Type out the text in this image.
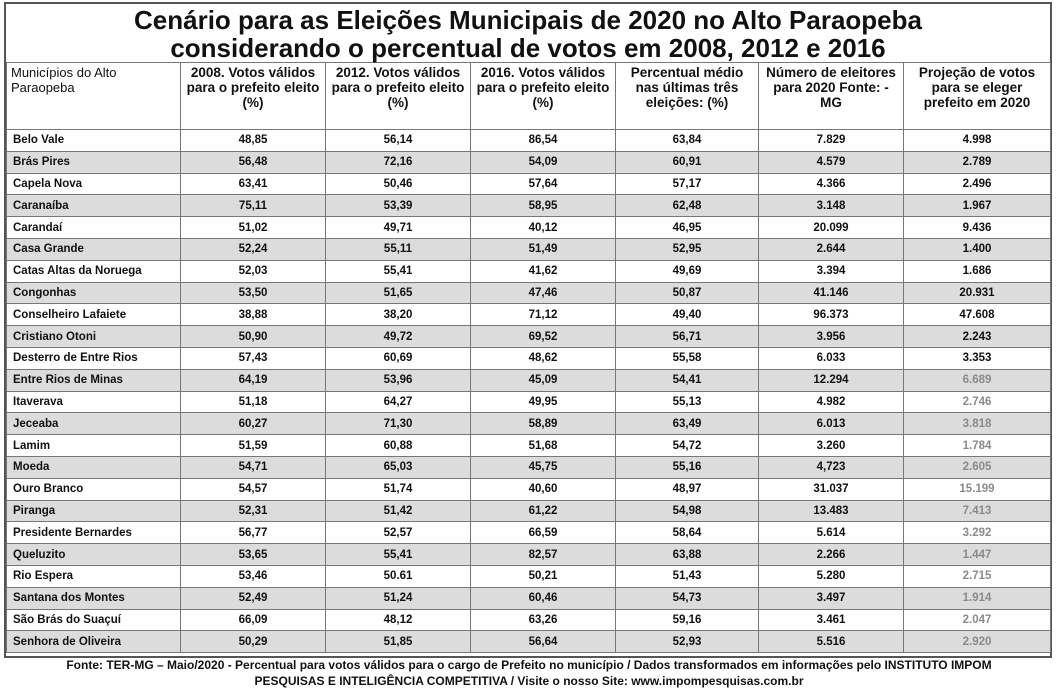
Cenário para as Eleições Municipais de 2020 no Alto Paraopeba
considerando o percentual de votos em 2008, 2012 e 2016
Municípios do Alto Paraopeba	2008. Votos válidos para o prefeito eleito (%)	2012. Votos válidos para o prefeito eleito (%)	2016. Votos válidos para o prefeito eleito (%)	Percentual médio nas últimas três eleições: (%)	Número de eleitores para 2020 Fonte: -MG	Projeção de votos para se eleger prefeito em 2020
Belo Vale	48,85	56,14	86,54	63,84	7.829	4.998
Brás Pires	56,48	72,16	54,09	60,91	4.579	2.789
Capela Nova	63,41	50,46	57,64	57,17	4.366	2.496
Caranaíba	75,11	53,39	58,95	62,48	3.148	1.967
Carandaí	51,02	49,71	40,12	46,95	20.099	9.436
Casa Grande	52,24	55,11	51,49	52,95	2.644	1.400
Catas Altas da Noruega	52,03	55,41	41,62	49,69	3.394	1.686
Congonhas	53,50	51,65	47,46	50,87	41.146	20.931
Conselheiro Lafaiete	38,88	38,20	71,12	49,40	96.373	47.608
Cristiano Otoni	50,90	49,72	69,52	56,71	3.956	2.243
Desterro de Entre Rios	57,43	60,69	48,62	55,58	6.033	3.353
Entre Rios de Minas	64,19	53,96	45,09	54,41	12.294	6.689
Itaverava	51,18	64,27	49,95	55,13	4.982	2.746
Jeceaba	60,27	71,30	58,89	63,49	6.013	3.818
Lamim	51,59	60,88	51,68	54,72	3.260	1.784
Moeda	54,71	65,03	45,75	55,16	4,723	2.605
Ouro Branco	54,57	51,74	40,60	48,97	31.037	15.199
Piranga	52,31	51,42	61,22	54,98	13.483	7.413
Presidente Bernardes	56,77	52,57	66,59	58,64	5.614	3.292
Queluzito	53,65	55,41	82,57	63,88	2.266	1.447
Rio Espera	53,46	50.61	50,21	51,43	5.280	2.715
Santana dos Montes	52,49	51,24	60,46	54,73	3.497	1.914
São Brás do Suaçuí	66,09	48,12	63,26	59,16	3.461	2.047
Senhora de Oliveira	50,29	51,85	56,64	52,93	5.516	2.920
Fonte: TER-MG – Maio/2020 - Percentual para votos válidos para o cargo de Prefeito no município / Dados transformados em informações pelo INSTITUTO IMPOM
PESQUISAS E INTELIGÊNCIA COMPETITIVA / Visite o nosso Site: www.impompesquisas.com.br
